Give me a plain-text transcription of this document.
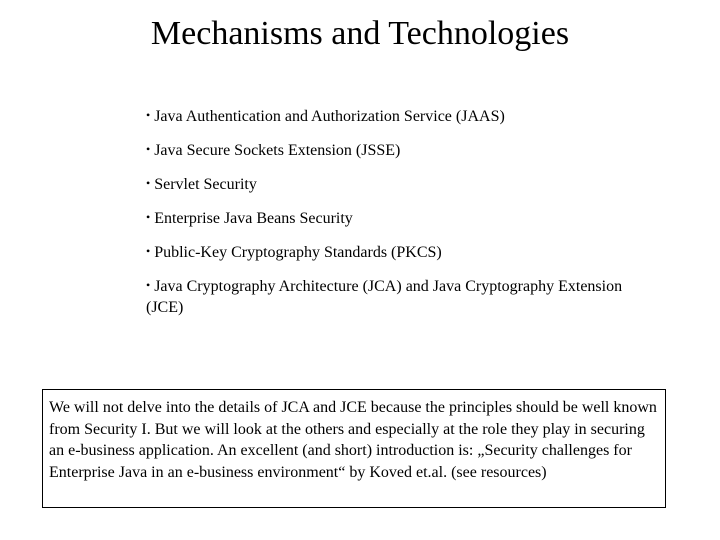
Mechanisms and Technologies
• Java Authentication and Authorization Service (JAAS)
• Java Secure Sockets Extension (JSSE)
• Servlet Security
• Enterprise Java Beans Security
• Public-Key Cryptography Standards (PKCS)
• Java Cryptography Architecture (JCA) and Java Cryptography Extension (JCE)
We will not delve into the details of JCA and JCE because the principles should be well known from Security I. But we will look at the others and especially at the role they play in securing an e-business application. An excellent (and short) introduction is: „Security challenges for Enterprise Java in an e-business environment“ by Koved et.al. (see resources)
